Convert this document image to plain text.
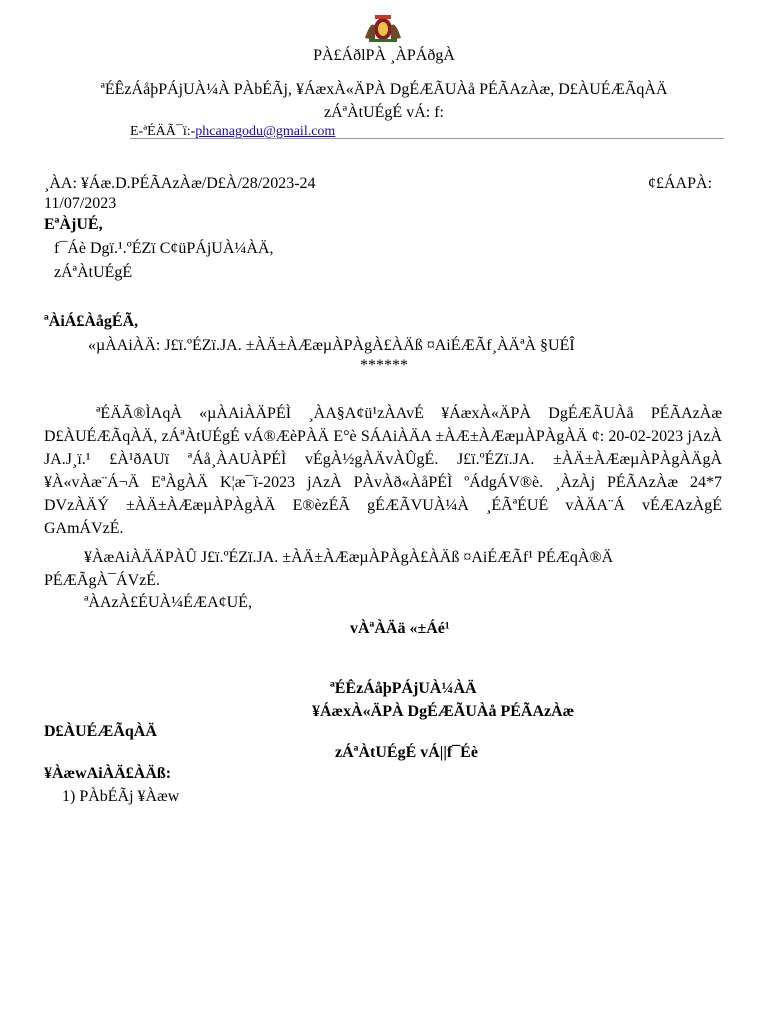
PÀ£ÁðlPÀ ¸ÀPÁðgÀ
ªÉÊzÁåþPÁjUÀ¼À PÀbÉÃj, ¥ÁæxÀ«ÄPÀ DgÉÆÃUÀå PÉÃAzÀæ, D£ÀUÉÆÃqÀÄ
zÁªÀtUÉgÉ vÁ: f:
E-ªÉÄÃ¯ï:-phcanagodu@gmail.com
¸ÀA: ¥Áæ.D.PÉÃAzÀæ/D£À/28/2023-24	¢£ÁAPÀ:
11/07/2023
EªÀjUÉ,
f¯Áè Dgï.¹.ºÉZï C¢üPÁjUÀ¼ÀÄ,
zÁªÀtUÉgÉ
ªÀiÁ£ÀågÉÃ,
«µÀAiÀÄ: J£ï.ºÉZï.JA. ±ÀÄ±ÀÆæµÀPÀgÀ£ÀÄß ¤AiÉÆÃf¸ÀÄªÀ §UÉÎ
******
ªÉÄÃ®ÌAqÀ «µÀAiÀÄPÉÌ ¸ÀA§A¢ü¹zÀAvÉ ¥ÁæxÀ«ÄPÀ DgÉÆÃUÀå PÉÃAzÀæ D£ÀUÉÆÃqÀÄ, zÁªÀtUÉgÉ vÁ®ÆèPÀÄ E°è SÁAiÀÄA ±ÀÆ±ÀÆæµÀPÀgÀÄ ¢: 20-02-2023 jAzÀ JA.J¸ï.¹ £À¹ðAUï ªÁå¸ÀAUÀPÉÌ vÉgÀ½gÀÄvÀÛgÉ. J£ï.ºÉZï.JA. ±ÀÄ±ÀÆæµÀPÀgÀÄgÀ ¥À«vÀæ¨Á¬Ä EªÀgÀÄ K¦æ¯ï-2023 jAzÀ PÀvÀð«ÀåPÉÌ ºÁdgÁV®è. ¸ÀzÀj PÉÃAzÀæ 24*7 DVzÀÄÝ ±ÀÄ±ÀÆæµÀPÀgÀÄ E®èzÉÃ gÉÆÃVUÀ¼À ¸ÉÃªÉUÉ vÀÄA¨Á vÉÆAzÀgÉ GAmÁVzÉ.
¥ÀæAiÀÄÄPÀÛ J£ï.ºÉZï.JA. ±ÀÄ±ÀÆæµÀPÀgÀ£ÀÄß ¤AiÉÆÃf¹ PÉÆqÀ®Ä PÉÆÃgÀ¯ÁVzÉ.
ªÀAzÀ£ÉUÀ¼ÉÆA¢UÉ,
vÀªÀÄä «±Áé¹
ªÉÊzÁåþPÁjUÀ¼ÀÄ
¥ÁæxÀ«ÄPÀ DgÉÆÃUÀå PÉÃAzÀæ
D£ÀUÉÆÃqÀÄ
zÁªÀtUÉgÉ vÁ||f¯Éè
¥ÀæwAiÀÄ£ÀÄß:
1) PÀbÉÃj ¥Àæw
